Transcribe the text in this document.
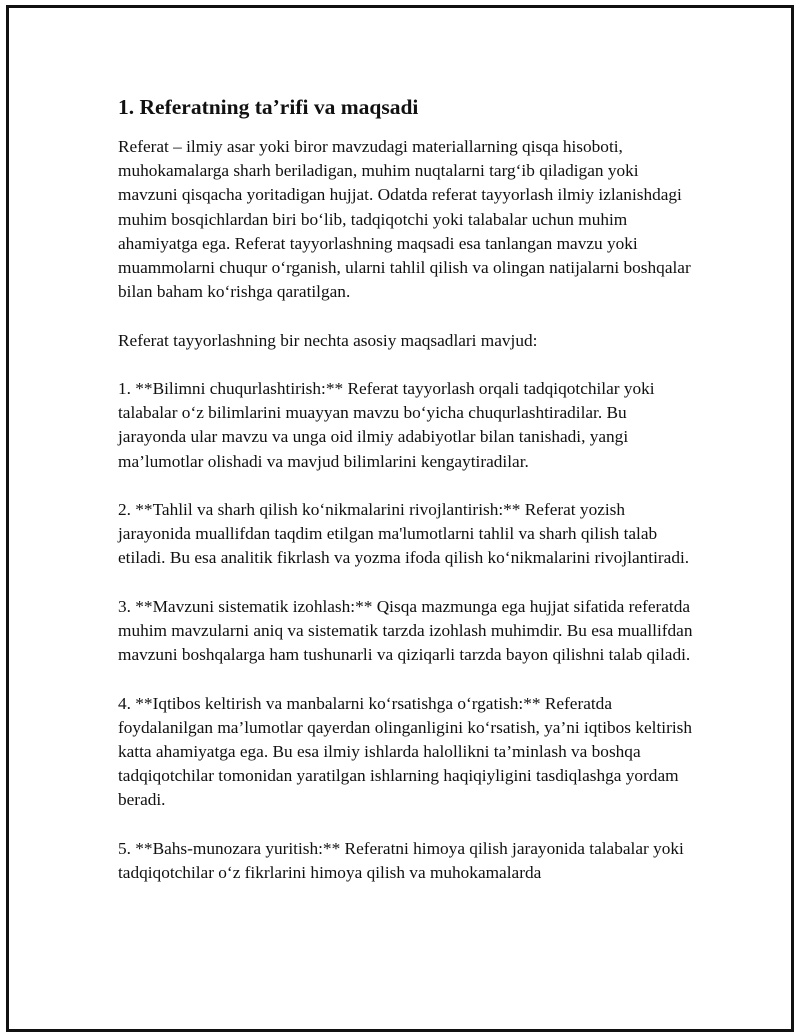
1. Referatning ta’rifi va maqsadi

Referat – ilmiy asar yoki biror mavzudagi materiallarning qisqa hisoboti, muhokamalarga sharh beriladigan, muhim nuqtalarni targ‘ib qiladigan yoki mavzuni qisqacha yoritadigan hujjat. Odatda referat tayyorlash ilmiy izlanishdagi muhim bosqichlardan biri bo‘lib, tadqiqotchi yoki talabalar uchun muhim ahamiyatga ega. Referat tayyorlashning maqsadi esa tanlangan mavzu yoki muammolarni chuqur o‘rganish, ularni tahlil qilish va olingan natijalarni boshqalar bilan baham ko‘rishga qaratilgan.

Referat tayyorlashning bir nechta asosiy maqsadlari mavjud:

1. **Bilimni chuqurlashtirish:** Referat tayyorlash orqali tadqiqotchilar yoki talabalar o‘z bilimlarini muayyan mavzu bo‘yicha chuqurlashtiradilar. Bu jarayonda ular mavzu va unga oid ilmiy adabiyotlar bilan tanishadi, yangi ma’lumotlar olishadi va mavjud bilimlarini kengaytiradilar.

2. **Tahlil va sharh qilish ko‘nikmalarini rivojlantirish:** Referat yozish jarayonida muallifdan taqdim etilgan ma'lumotlarni tahlil va sharh qilish talab etiladi. Bu esa analitik fikrlash va yozma ifoda qilish ko‘nikmalarini rivojlantiradi.

3. **Mavzuni sistematik izohlash:** Qisqa mazmunga ega hujjat sifatida referatda muhim mavzularni aniq va sistematik tarzda izohlash muhimdir. Bu esa muallifdan mavzuni boshqalarga ham tushunarli va qiziqarli tarzda bayon qilishni talab qiladi.

4. **Iqtibos keltirish va manbalarni ko‘rsatishga o‘rgatish:** Referatda foydalanilgan ma’lumotlar qayerdan olinganligini ko‘rsatish, ya’ni iqtibos keltirish katta ahamiyatga ega. Bu esa ilmiy ishlarda halollikni ta’minlash va boshqa tadqiqotchilar tomonidan yaratilgan ishlarning haqiqiyligini tasdiqlashga yordam beradi.

5. **Bahs-munozara yuritish:** Referatni himoya qilish jarayonida talabalar yoki tadqiqotchilar o‘z fikrlarini himoya qilish va muhokamalarda
